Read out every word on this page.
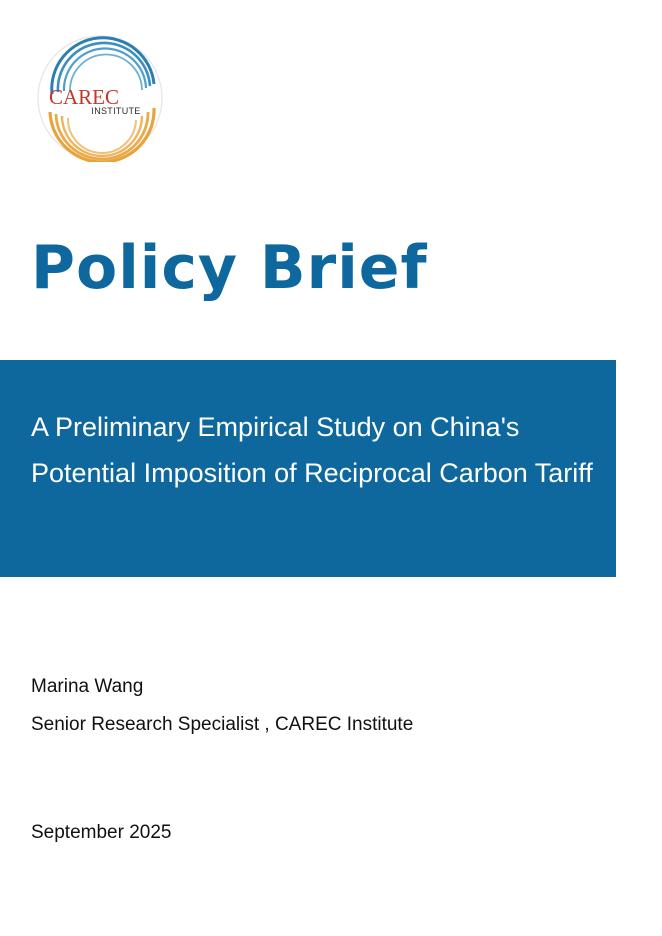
CAREC
INSTITUTE
Policy Brief
A Preliminary Empirical Study on China's Potential Imposition of Reciprocal Carbon Tariff
Marina Wang
Senior Research Specialist , CAREC Institute
September 2025
